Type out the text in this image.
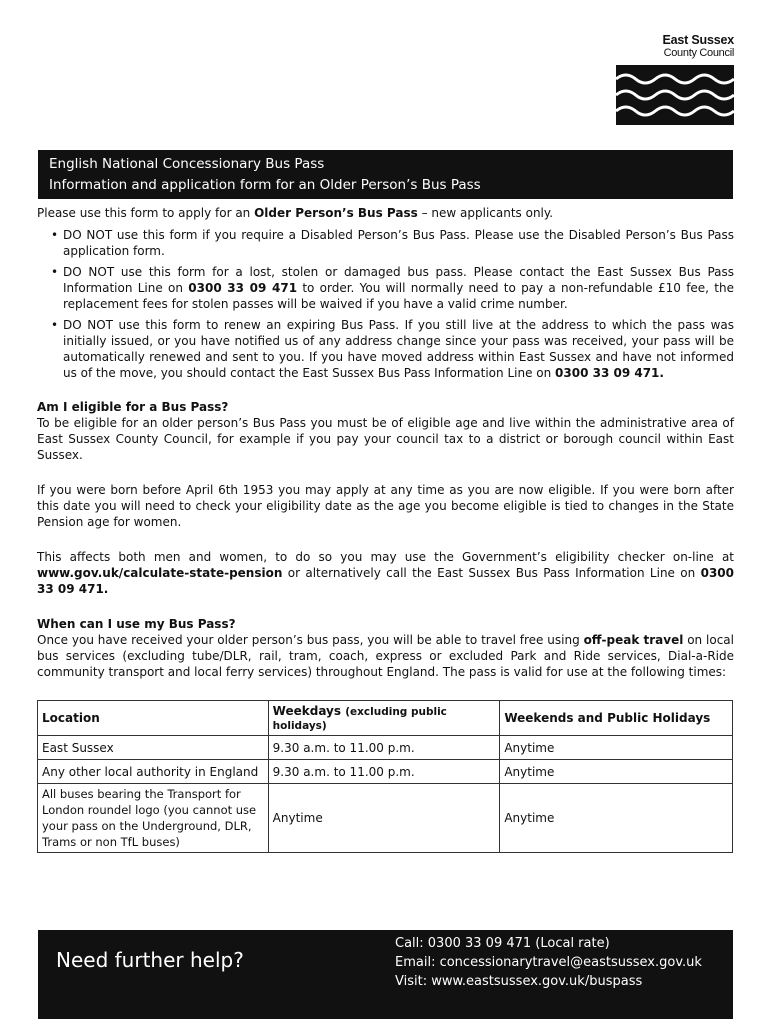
East Sussex
County Council
English National Concessionary Bus Pass
Information and application form for an Older Person’s Bus Pass

Please use this form to apply for an Older Person’s Bus Pass – new applicants only.

• DO NOT use this form if you require a Disabled Person’s Bus Pass. Please use the Disabled Person’s Bus Pass application form.
• DO NOT use this form for a lost, stolen or damaged bus pass. Please contact the East Sussex Bus Pass Information Line on 0300 33 09 471 to order. You will normally need to pay a non-refundable £10 fee, the replacement fees for stolen passes will be waived if you have a valid crime number.
• DO NOT use this form to renew an expiring Bus Pass. If you still live at the address to which the pass was initially issued, or you have notified us of any address change since your pass was received, your pass will be automatically renewed and sent to you. If you have moved address within East Sussex and have not informed us of the move, you should contact the East Sussex Bus Pass Information Line on 0300 33 09 471.
Am I eligible for a Bus Pass?

To be eligible for an older person’s Bus Pass you must be of eligible age and live within the administrative area of East Sussex County Council, for example if you pay your council tax to a district or borough council within East Sussex.

If you were born before April 6th 1953 you may apply at any time as you are now eligible. If you were born after this date you will need to check your eligibility date as the age you become eligible is tied to changes in the State Pension age for women.

This affects both men and women, to do so you may use the Government’s eligibility checker on-line at www.gov.uk/calculate-state-pension or alternatively call the East Sussex Bus Pass Information Line on 0300 33 09 471.

When can I use my Bus Pass?

Once you have received your older person’s bus pass, you will be able to travel free using off-peak travel on local bus services (excluding tube/DLR, rail, tram, coach, express or excluded Park and Ride services, Dial-a-Ride community transport and local ferry services) throughout England. The pass is valid for use at the following times:

Location	Weekdays (excluding public holidays)	Weekends and Public Holidays
East Sussex	9.30 a.m. to 11.00 p.m.	Anytime
Any other local authority in England	9.30 a.m. to 11.00 p.m.	Anytime
All buses bearing the Transport for London roundel logo (you cannot use your pass on the Underground, DLR, Trams or non TfL buses)	Anytime	Anytime
Need further help?
Call: 0300 33 09 471 (Local rate)
Email: concessionarytravel@eastsussex.gov.uk
Visit: www.eastsussex.gov.uk/buspass
